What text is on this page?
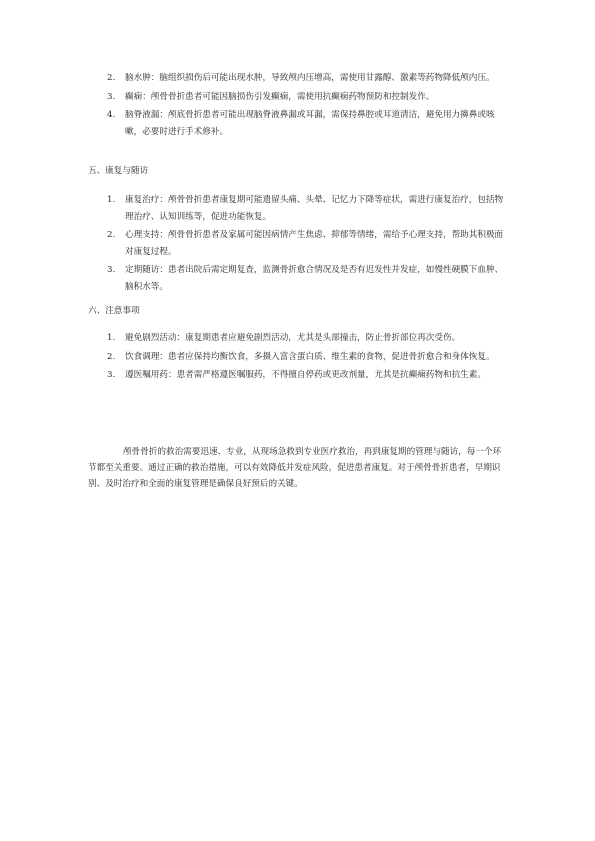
2. 脑水肿：脑组织损伤后可能出现水肿，导致颅内压增高，需使用甘露醇、激素等药物降低颅内压。
3. 癫痫：颅骨骨折患者可能因脑损伤引发癫痫，需使用抗癫痫药物预防和控制发作。
4. 脑脊液漏：颅底骨折患者可能出现脑脊液鼻漏或耳漏，需保持鼻腔或耳道清洁，避免用力擤鼻或咳嗽，必要时进行手术修补。
五、康复与随访
1. 康复治疗：颅骨骨折患者康复期可能遗留头痛、头晕、记忆力下降等症状，需进行康复治疗，包括物理治疗、认知训练等，促进功能恢复。
2. 心理支持：颅骨骨折患者及家属可能因病情产生焦虑、抑郁等情绪，需给予心理支持，帮助其积极面对康复过程。
3. 定期随访：患者出院后需定期复查，监测骨折愈合情况及是否有迟发性并发症，如慢性硬膜下血肿、脑积水等。
六、注意事项
1. 避免剧烈活动：康复期患者应避免剧烈活动，尤其是头部撞击，防止骨折部位再次受伤。
2. 饮食调理：患者应保持均衡饮食，多摄入富含蛋白质、维生素的食物，促进骨折愈合和身体恢复。
3. 遵医嘱用药：患者需严格遵医嘱服药，不得擅自停药或更改剂量，尤其是抗癫痫药物和抗生素。

颅骨骨折的救治需要迅速、专业，从现场急救到专业医疗救治，再到康复期的管理与随访，每一个环节都至关重要。通过正确的救治措施，可以有效降低并发症风险，促进患者康复。对于颅骨骨折患者，早期识别、及时治疗和全面的康复管理是确保良好预后的关键。
